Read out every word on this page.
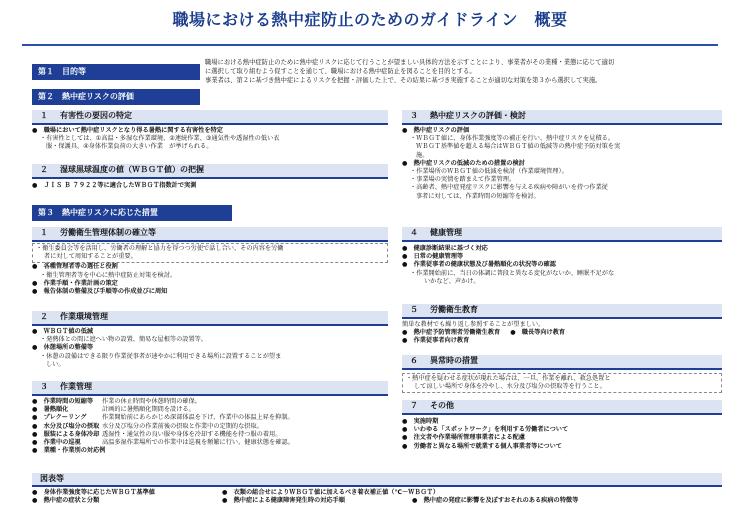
職場における熱中症防止のためのガイドライン　概要
第１　目的等
職場における熱中症防止のために熱中症リスクに応じて行うことが望ましい具体的方法を示すことにより、事業者がその業種・業態に応じて適切
に選択して取り組むよう促すことを通じて、職場における熱中症防止を図ることを目的とする。
事業者は、第２に基づき熱中症によるリスクを把握・評価した上で、その結果に基づき実施することが適切な対策を第３から選択して実施。
第２　熱中症リスクの評価
１	有害性の要因の特定
●　職場において熱中症リスクとなり得る暑熱に関する有害性を特定
・有害性としては、①高温・多湿な作業環境、②連続作業、③通気性や透湿性の低い衣
服・保護具、④身体作業負荷の大きい作業　が挙げられる。
２	湿球黒球温度の値（ＷＢＧＴ値）の把握
●　ＪＩＳ Ｂ ７９２２等に適合したＷＢＧＴ指数計で実測
３	熱中症リスクの評価・検討
●　熱中症リスクの評価
・ＷＢＧＴ値に、身体作業強度等の補正を行い、熱中症リスクを見積る。
ＷＢＧＴ基準値を超える場合はＷＢＧＴ値の低減等の熱中症予防対策を実
施。
●　熱中症リスクの低減のための措置の検討
・作業場所のＷＢＧＴ値の低減を検討（作業環境管理）。
・事業場の実情を踏まえて作業管理。
・高齢者、熱中症発症リスクに影響を与える疾病や障がいを持つ作業従
事者に対しては、作業時間の短縮等を検討。
第３　熱中症リスクに応じた措置
１	労働衛生管理体制の確立等
・衛生委員会等を活用し、労働者の理解と協力を得つつ労使で話し合い、その内容を労働
者に対して周知することが重要。
●　各種管理者等の選任と役割
・衛生管理者等を中心に熱中症防止対策を検討。
●　作業手順・作業計画の策定
●　報告体制の整備及び手順等の作成並びに周知
２	作業環境管理
●　ＷＢＧＴ値の低減
・発熱体との間に遮へい物の設置、簡易な屋根等の設置等。
●　休憩場所の整備等
・休憩の設備はできる限り作業従事者が速やかに利用できる場所に設置することが望ま
しい。
３	作業管理
●　作業時間の短縮等	作業の休止時間や休憩時間の確保。
●　暑熱順化	計画的に暑熱順化期間を設ける。
●　プレクーリング	作業開始前にあらかじめ深部体温を下げ、作業中の体温上昇を抑制。
●　水分及び塩分の摂取 水分及び塩分の作業前後の摂取と作業中の定期的な摂取。
●　服装による身体冷却 透湿性・通気性の良い服や身体を冷却する機能を持つ服の着用。
●　作業中の巡視	高温多湿作業場所での作業中は巡視を頻繁に行い、健康状態を確認。
●　業種・作業別の対応例
４	健康管理
●　健康診断結果に基づく対応
●　日常の健康管理等
●　作業従事者の健康状態及び暑熱順化の状況等の確認
・作業開始前に、当日の体調に普段と異なる変化がないか、睡眠不足がな
いかなど、声かけ。
５	労働衛生教育
簡単な教材でも繰り返し参照することが望ましい。
●　熱中症予防管理者労働衛生教育 ●　職長等向け教育
●　作業従事者向け教育
６	異常時の措置
・熱中症を疑わせる症状が現れた場合は、一旦、作業を離れ、救急処置と
して涼しい場所で身体を冷やし、水分及び塩分の摂取等を行うこと。
７	その他
●　実施時期
●　いわゆる「スポットワーク」を利用する労働者について
●　注文者や作業場所管理事業者による配慮
●　労働者と異なる場所で就業する個人事業者等について
図表等
●　身体作業強度等に応じたＷＢＧＴ基準値	●　衣類の組合せによりＷＢＧＴ値に加えるべき着衣補正値（℃－ＷＢＧＴ）
●　熱中症の症状と分類	●　熱中症による健康障害発生時の対応手順	●　熱中症の発症に影響を及ぼすおそれのある疾病の特徴等
